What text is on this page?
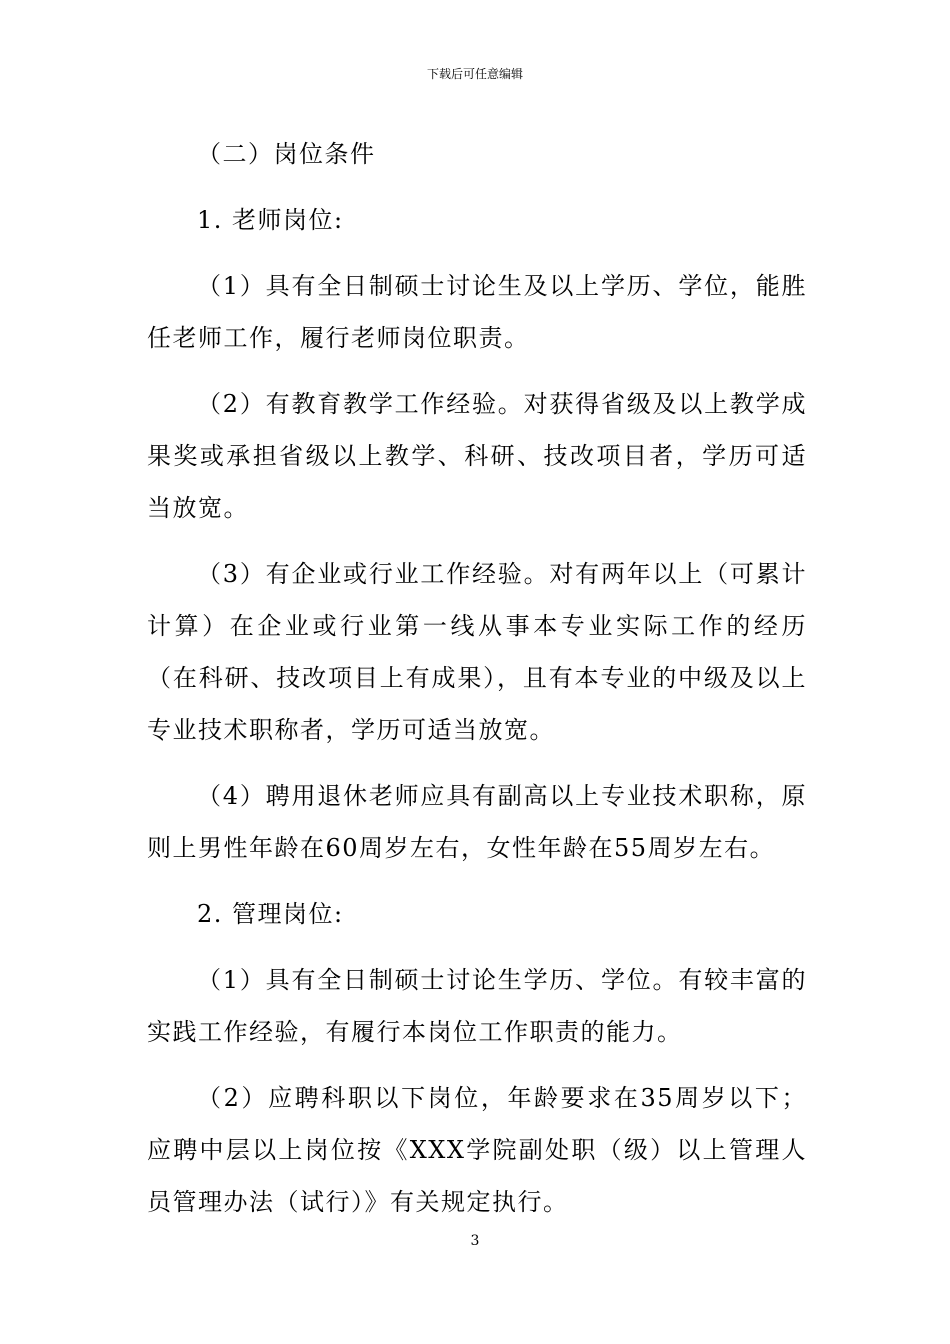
下载后可任意编辑

（二）岗位条件

1. 老师岗位:

（1）具有全日制硕士讨论生及以上学历、学位，能胜任老师工作，履行老师岗位职责。

（2）有教育教学工作经验。对获得省级及以上教学成果奖或承担省级以上教学、科研、技改项目者，学历可适当放宽。

（3）有企业或行业工作经验。对有两年以上（可累计计算）在企业或行业第一线从事本专业实际工作的经历（在科研、技改项目上有成果），且有本专业的中级及以上专业技术职称者，学历可适当放宽。

（4）聘用退休老师应具有副高以上专业技术职称，原则上男性年龄在60周岁左右，女性年龄在55周岁左右。

2. 管理岗位:

（1）具有全日制硕士讨论生学历、学位。有较丰富的实践工作经验，有履行本岗位工作职责的能力。

（2）应聘科职以下岗位，年龄要求在35周岁以下；应聘中层以上岗位按《XXX学院副处职（级）以上管理人员管理办法（试行）》有关规定执行。

3
